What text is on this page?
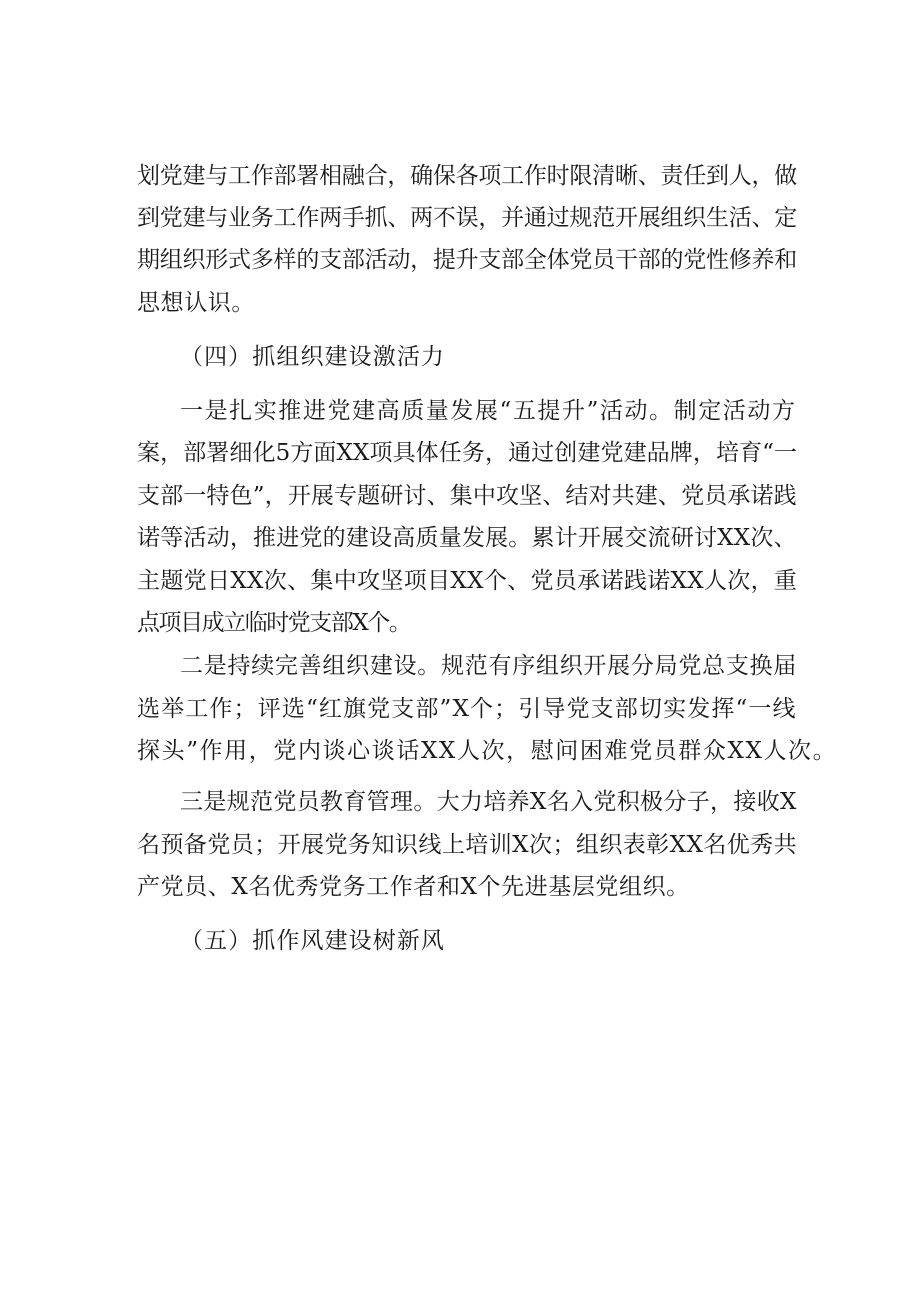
划党建与工作部署相融合，确保各项工作时限清晰、责任到人，做
到党建与业务工作两手抓、两不误，并通过规范开展组织生活、定
期组织形式多样的支部活动，提升支部全体党员干部的党性修养和
思想认识。
（四）抓组织建设激活力
一是扎实推进党建高质量发展“五提升”活动。制定活动方
案，部署细化5方面XX项具体任务，通过创建党建品牌，培育“一
支部一特色”，开展专题研讨、集中攻坚、结对共建、党员承诺践
诺等活动，推进党的建设高质量发展。累计开展交流研讨XX次、
主题党日XX次、集中攻坚项目XX个、党员承诺践诺XX人次，重
点项目成立临时党支部X个。
二是持续完善组织建设。规范有序组织开展分局党总支换届
选举工作；评选“红旗党支部”X个；引导党支部切实发挥“一线
探头”作用，党内谈心谈话XX人次，慰问困难党员群众XX人次。
三是规范党员教育管理。大力培养X名入党积极分子，接收X
名预备党员；开展党务知识线上培训X次；组织表彰XX名优秀共
产党员、X名优秀党务工作者和X个先进基层党组织。
（五）抓作风建设树新风
